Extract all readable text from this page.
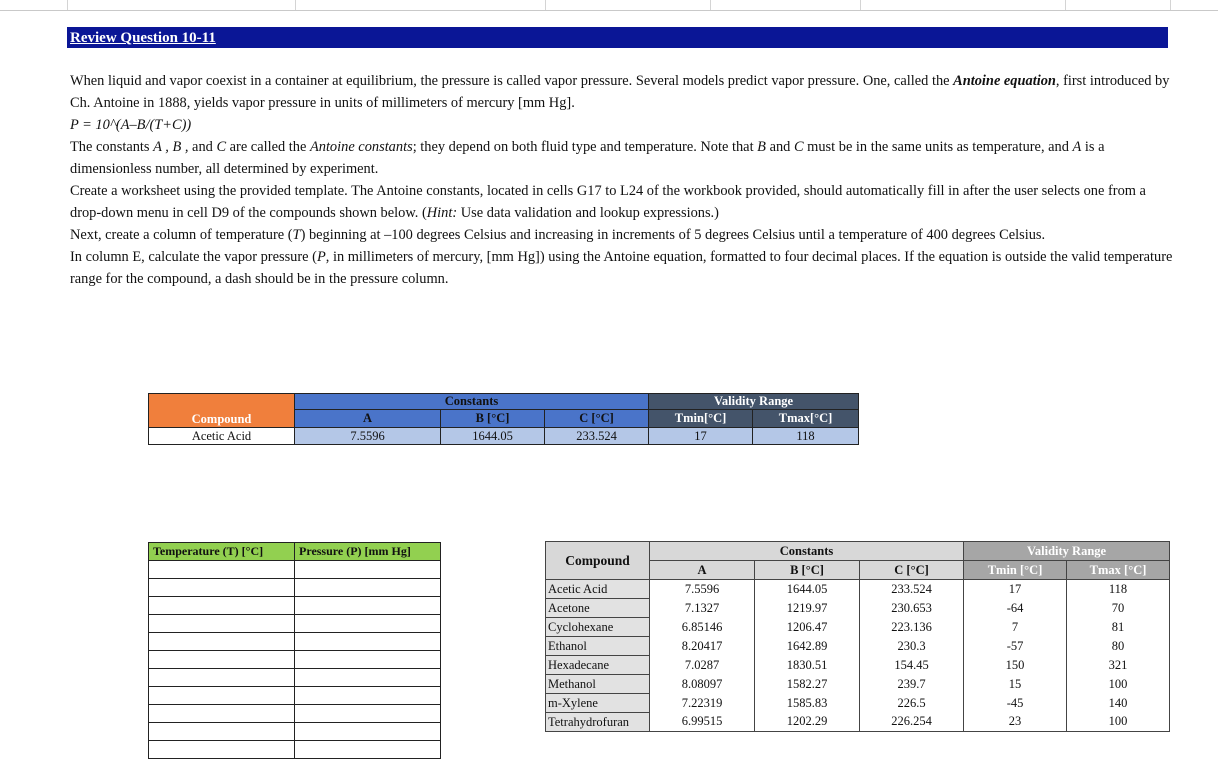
Review Question 10-11

When liquid and vapor coexist in a container at equilibrium, the pressure is called vapor pressure. Several models predict vapor pressure. One, called the Antoine equation, first introduced by Ch. Antoine in 1888, yields vapor pressure in units of millimeters of mercury [mm Hg].

P = 10^(A–B/(T+C))

The constants A , B , and C are called the Antoine constants; they depend on both fluid type and temperature. Note that B and C must be in the same units as temperature, and A is a dimensionless number, all determined by experiment.

Create a worksheet using the provided template. The Antoine constants, located in cells G17 to L24 of the workbook provided, should automatically fill in after the user selects one from a drop-down menu in cell D9 of the compounds shown below. (Hint: Use data validation and lookup expressions.)

Next, create a column of temperature (T) beginning at –100 degrees Celsius and increasing in increments of 5 degrees Celsius until a temperature of 400 degrees Celsius.

In column E, calculate the vapor pressure (P, in millimeters of mercury, [mm Hg]) using the Antoine equation, formatted to four decimal places. If the equation is outside the valid temperature range for the compound, a dash should be in the pressure column.

Compound	Constants			Validity Range	
	A	B [°C]	C [°C]	Tmin[°C]	Tmax[°C]
Acetic Acid	7.5596	1644.05	233.524	17	118
Temperature (T) [°C]	Pressure (P) [mm Hg]

Compound	Constants			Validity Range	
	A	B [°C]	C [°C]	Tmin [°C]	Tmax [°C]
Acetic Acid	7.5596	1644.05	233.524	17	118
Acetone	7.1327	1219.97	230.653	-64	70
Cyclohexane	6.85146	1206.47	223.136	7	81
Ethanol	8.20417	1642.89	230.3	-57	80
Hexadecane	7.0287	1830.51	154.45	150	321
Methanol	8.08097	1582.27	239.7	15	100
m-Xylene	7.22319	1585.83	226.5	-45	140
Tetrahydrofuran	6.99515	1202.29	226.254	23	100
